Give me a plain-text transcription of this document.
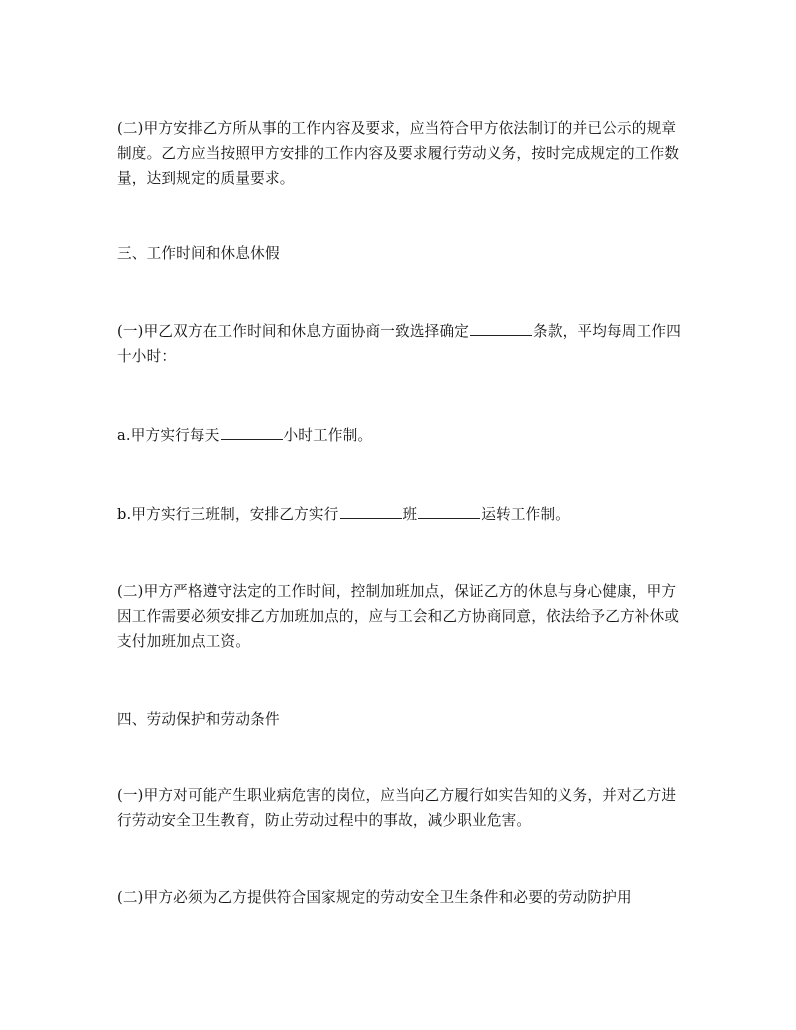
(二)甲方安排乙方所从事的工作内容及要求，应当符合甲方依法制订的并已公示的规章制度。乙方应当按照甲方安排的工作内容及要求履行劳动义务，按时完成规定的工作数量，达到规定的质量要求。

三、工作时间和休息休假

(一)甲乙双方在工作时间和休息方面协商一致选择确定	条款，平均每周工作四十小时：

a.甲方实行每天	小时工作制。

b.甲方实行三班制，安排乙方实行	班	运转工作制。

(二)甲方严格遵守法定的工作时间，控制加班加点，保证乙方的休息与身心健康，甲方因工作需要必须安排乙方加班加点的，应与工会和乙方协商同意，依法给予乙方补休或支付加班加点工资。

四、劳动保护和劳动条件

(一)甲方对可能产生职业病危害的岗位，应当向乙方履行如实告知的义务，并对乙方进行劳动安全卫生教育，防止劳动过程中的事故，减少职业危害。

(二)甲方必须为乙方提供符合国家规定的劳动安全卫生条件和必要的劳动防护用
